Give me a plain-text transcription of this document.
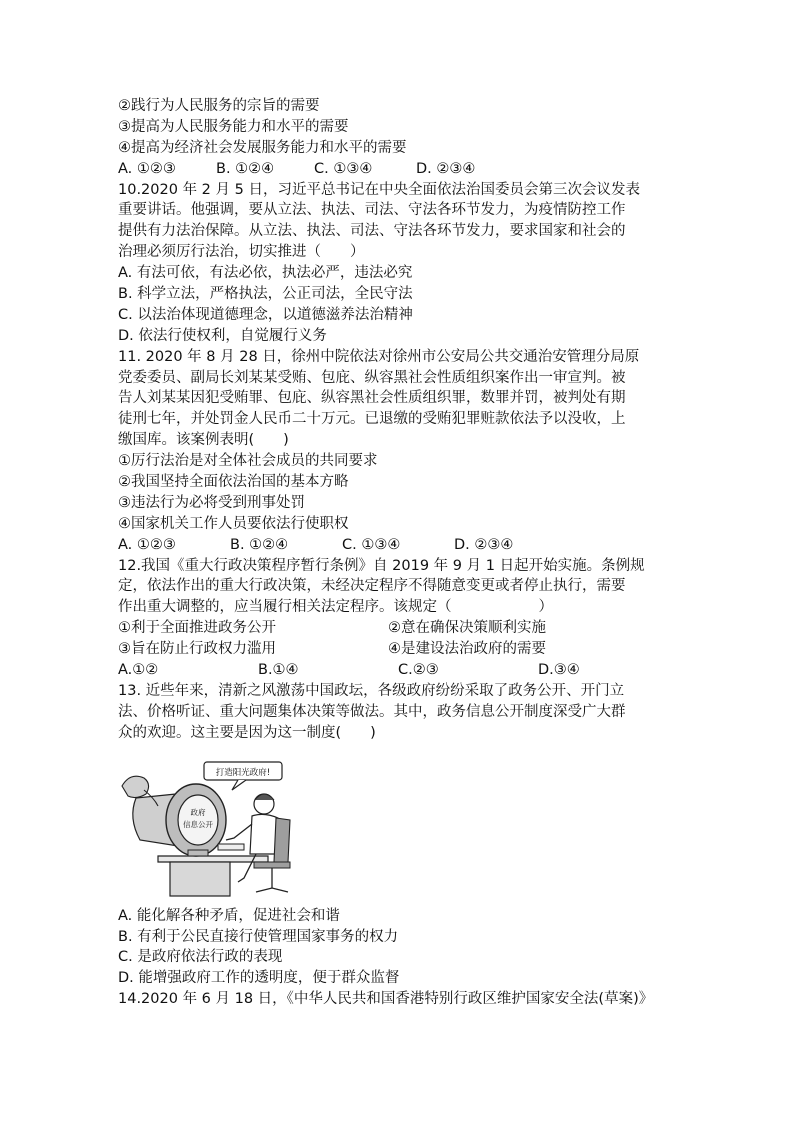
②践行为人民服务的宗旨的需要
③提高为人民服务能力和水平的需要
④提高为经济社会发展服务能力和水平的需要
A. ①②③	B. ①②④	C. ①③④	D. ②③④
10.2020 年 2 月 5 日，习近平总书记在中央全面依法治国委员会第三次会议发表
重要讲话。他强调，要从立法、执法、司法、守法各环节发力，为疫情防控工作
提供有力法治保障。从立法、执法、司法、守法各环节发力，要求国家和社会的
治理必须厉行法治，切实推进（　　）
A. 有法可依，有法必依，执法必严，违法必究
B. 科学立法，严格执法，公正司法，全民守法
C. 以法治体现道德理念，以道德滋养法治精神
D. 依法行使权利，自觉履行义务
11. 2020 年 8 月 28 日，徐州中院依法对徐州市公安局公共交通治安管理分局原
党委委员、副局长刘某某受贿、包庇、纵容黑社会性质组织案作出一审宣判。被
告人刘某某因犯受贿罪、包庇、纵容黑社会性质组织罪，数罪并罚，被判处有期
徒刑七年，并处罚金人民币二十万元。已退缴的受贿犯罪赃款依法予以没收，上
缴国库。该案例表明(　　)
①厉行法治是对全体社会成员的共同要求
②我国坚持全面依法治国的基本方略
③违法行为必将受到刑事处罚
④国家机关工作人员要依法行使职权
A. ①②③	B. ①②④	C. ①③④	D. ②③④
12.我国《重大行政决策程序暂行条例》自 2019 年 9 月 1 日起开始实施。条例规
定，依法作出的重大行政决策，未经决定程序不得随意变更或者停止执行，需要
作出重大调整的，应当履行相关法定程序。该规定（　　　　　　）
①利于全面推进政务公开	②意在确保决策顺利实施
③旨在防止行政权力滥用	④是建设法治政府的需要
A.①②	B.①④	C.②③	D.③④
13. 近些年来，清新之风激荡中国政坛，各级政府纷纷采取了政务公开、开门立
法、价格听证、重大问题集体决策等做法。其中，政务信息公开制度深受广大群
众的欢迎。这主要是因为这一制度(　　)
打造阳光政府!
政府
信息公开
A. 能化解各种矛盾，促进社会和谐
B. 有利于公民直接行使管理国家事务的权力
C. 是政府依法行政的表现
D. 能增强政府工作的透明度，便于群众监督
14.2020 年 6 月 18 日，《中华人民共和国香港特别行政区维护国家安全法(草案)》
